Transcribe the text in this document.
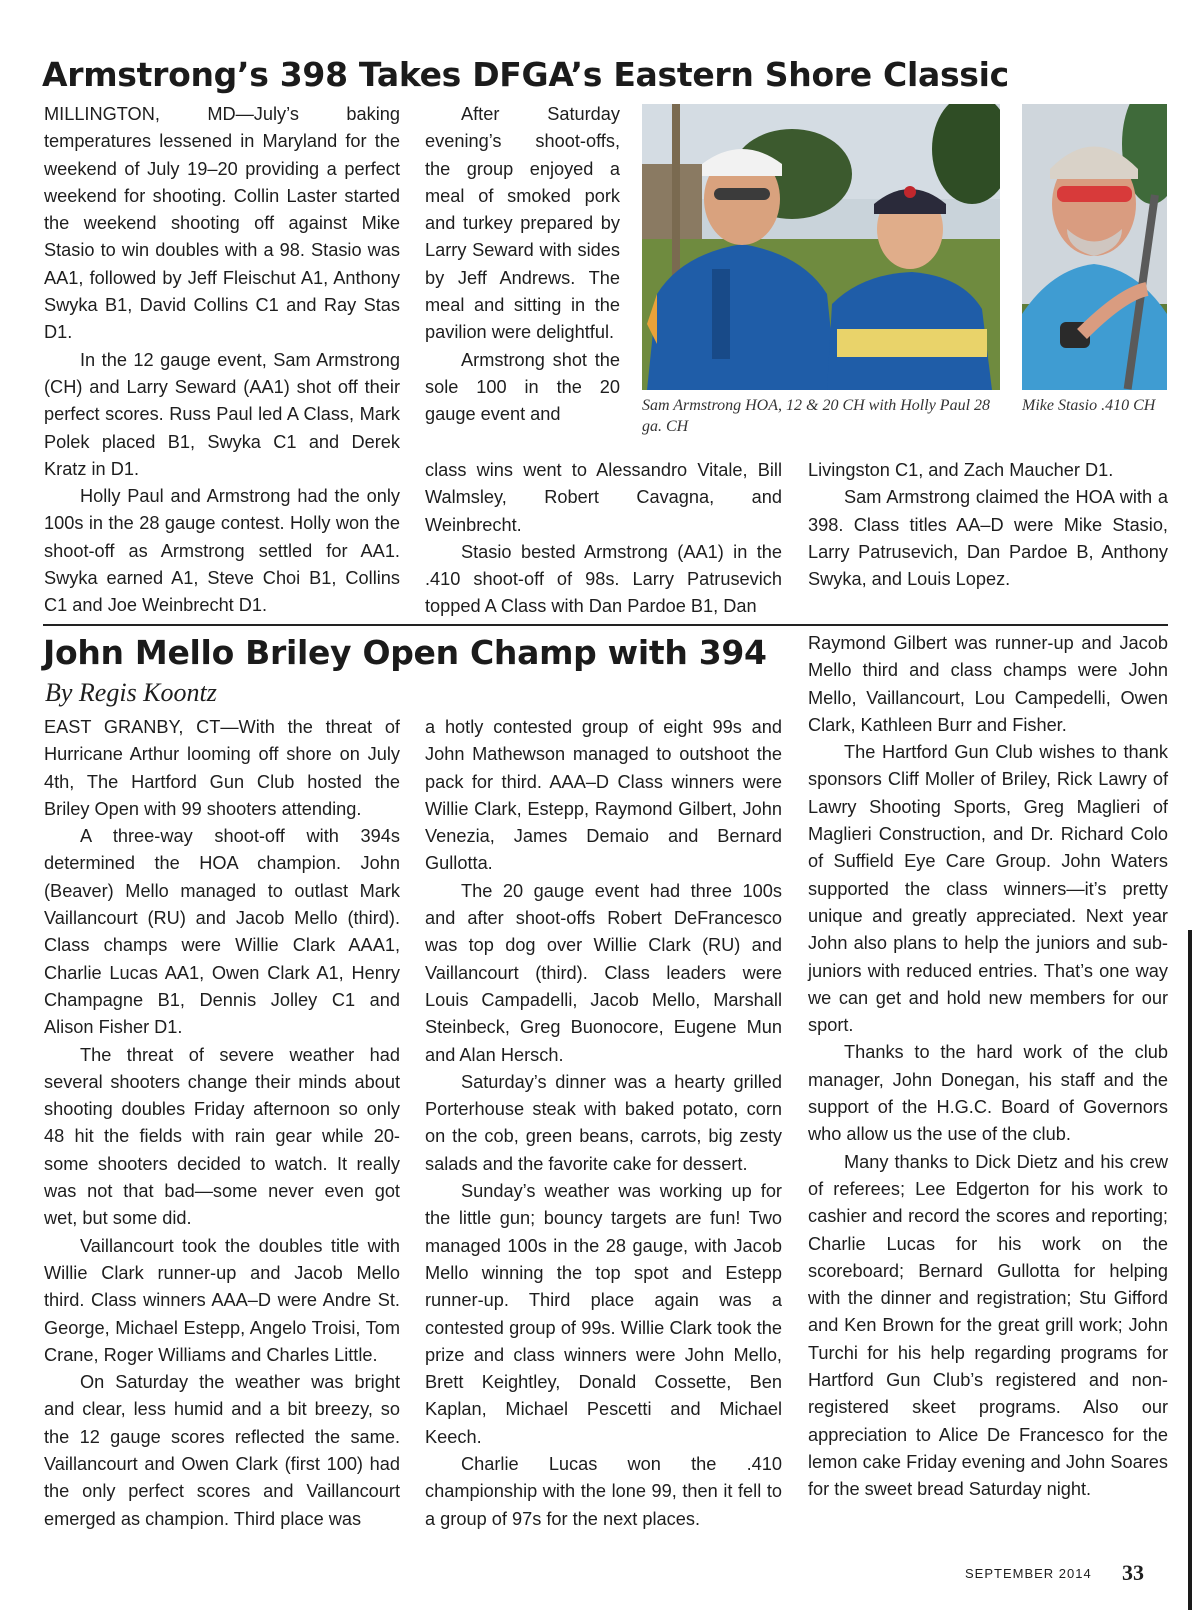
Armstrong’s 398 Takes DFGA’s Eastern Shore Classic

MILLINGTON, MD—July’s baking temperatures lessened in Maryland for the weekend of July 19–20 providing a perfect weekend for shooting. Collin Laster started the weekend shooting off against Mike Stasio to win doubles with a 98. Stasio was AA1, followed by Jeff Fleischut A1, Anthony Swyka B1, David Collins C1 and Ray Stas D1.

In the 12 gauge event, Sam Armstrong (CH) and Larry Seward (AA1) shot off their perfect scores. Russ Paul led A Class, Mark Polek placed B1, Swyka C1 and Derek Kratz in D1.

Holly Paul and Armstrong had the only 100s in the 28 gauge contest. Holly won the shoot-off as Armstrong settled for AA1. Swyka earned A1, Steve Choi B1, Collins C1 and Joe Weinbrecht D1.

After Saturday evening’s shoot-offs, the group enjoyed a meal of smoked pork and turkey prepared by Larry Seward with sides by Jeff Andrews. The meal and sitting in the pavilion were delightful.

Armstrong shot the sole 100 in the 20 gauge event and

class wins went to Alessandro Vitale, Bill Walmsley, Robert Cavagna, and Weinbrecht.

Stasio bested Armstrong (AA1) in the .410 shoot-off of 98s. Larry Patrusevich topped A Class with Dan Pardoe B1, Dan

Livingston C1, and Zach Maucher D1.

Sam Armstrong claimed the HOA with a 398. Class titles AA–D were Mike Stasio, Larry Patrusevich, Dan Pardoe B, Anthony Swyka, and Louis Lopez.

Sam Armstrong HOA, 12 & 20 CH with Holly Paul 28 ga. CH
Mike Stasio .410 CH
John Mello Briley Open Champ with 394
By Regis Koontz

EAST GRANBY, CT—With the threat of Hurricane Arthur looming off shore on July 4th, The Hartford Gun Club hosted the Briley Open with 99 shooters attending.

A three-way shoot-off with 394s determined the HOA champion. John (Beaver) Mello managed to outlast Mark Vaillancourt (RU) and Jacob Mello (third). Class champs were Willie Clark AAA1, Charlie Lucas AA1, Owen Clark A1, Henry Champagne B1, Dennis Jolley C1 and Alison Fisher D1.

The threat of severe weather had several shooters change their minds about shooting doubles Friday afternoon so only 48 hit the fields with rain gear while 20-some shooters decided to watch. It really was not that bad—some never even got wet, but some did.

Vaillancourt took the doubles title with Willie Clark runner-up and Jacob Mello third. Class winners AAA–D were Andre St. George, Michael Estepp, Angelo Troisi, Tom Crane, Roger Williams and Charles Little.

On Saturday the weather was bright and clear, less humid and a bit breezy, so the 12 gauge scores reflected the same. Vaillancourt and Owen Clark (first 100) had the only perfect scores and Vaillancourt emerged as champion. Third place was

a hotly contested group of eight 99s and John Mathewson managed to outshoot the pack for third. AAA–D Class winners were Willie Clark, Estepp, Raymond Gilbert, John Venezia, James Demaio and Bernard Gullotta.

The 20 gauge event had three 100s and after shoot-offs Robert DeFrancesco was top dog over Willie Clark (RU) and Vaillancourt (third). Class leaders were Louis Campadelli, Jacob Mello, Marshall Steinbeck, Greg Buonocore, Eugene Mun and Alan Hersch.

Saturday’s dinner was a hearty grilled Porterhouse steak with baked potato, corn on the cob, green beans, carrots, big zesty salads and the favorite cake for dessert.

Sunday’s weather was working up for the little gun; bouncy targets are fun! Two managed 100s in the 28 gauge, with Jacob Mello winning the top spot and Estepp runner-up. Third place again was a contested group of 99s. Willie Clark took the prize and class winners were John Mello, Brett Keightley, Donald Cossette, Ben Kaplan, Michael Pescetti and Michael Keech.

Charlie Lucas won the .410 championship with the lone 99, then it fell to a group of 97s for the next places.

Raymond Gilbert was runner-up and Jacob Mello third and class champs were John Mello, Vaillancourt, Lou Campedelli, Owen Clark, Kathleen Burr and Fisher.

The Hartford Gun Club wishes to thank sponsors Cliff Moller of Briley, Rick Lawry of Lawry Shooting Sports, Greg Maglieri of Maglieri Construction, and Dr. Richard Colo of Suffield Eye Care Group. John Waters supported the class winners—it’s pretty unique and greatly appreciated. Next year John also plans to help the juniors and sub-juniors with reduced entries. That’s one way we can get and hold new members for our sport.

Thanks to the hard work of the club manager, John Donegan, his staff and the support of the H.G.C. Board of Governors who allow us the use of the club.

Many thanks to Dick Dietz and his crew of referees; Lee Edgerton for his work to cashier and record the scores and reporting; Charlie Lucas for his work on the scoreboard; Bernard Gullotta for helping with the dinner and registration; Stu Gifford and Ken Brown for the great grill work; John Turchi for his help regarding programs for Hartford Gun Club’s registered and non-registered skeet programs. Also our appreciation to Alice De Francesco for the lemon cake Friday evening and John Soares for the sweet bread Saturday night.

SEPTEMBER 2014 33
